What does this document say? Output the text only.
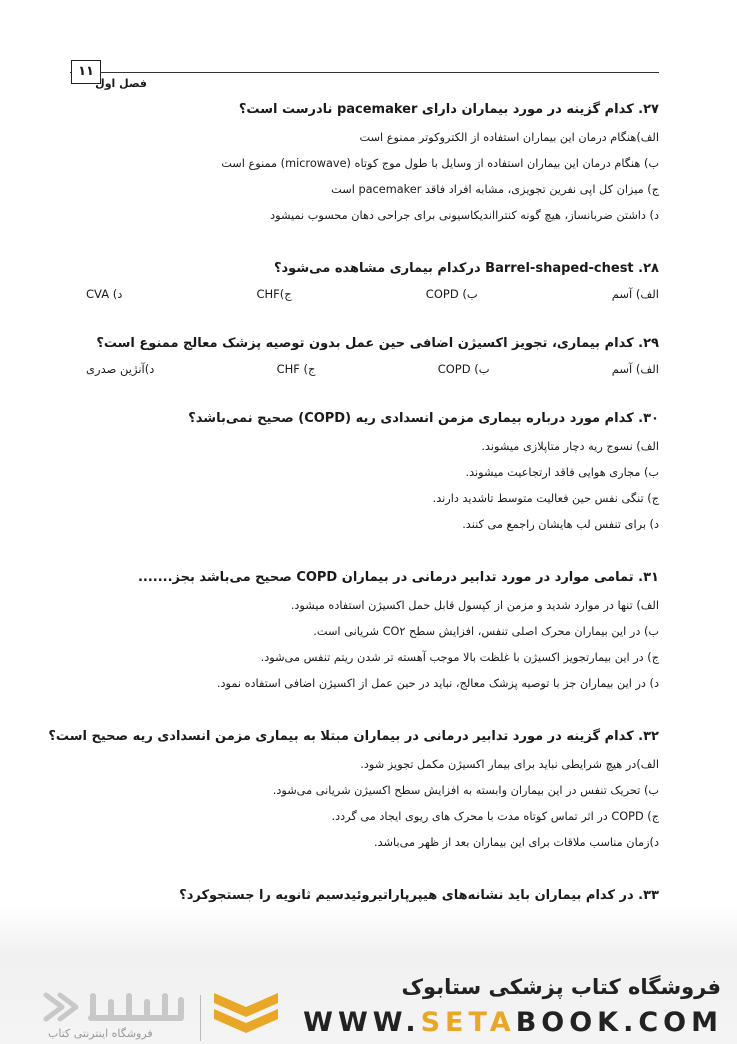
۱۱
فصل اول

۲۷. کدام گزینه در مورد بیماران دارای pacemaker نادرست است؟

الف)هنگام درمان این بیماران استفاده از الکتروکوتر ممنوع است
ب) هنگام درمان این بیماران استفاده از وسایل با طول موج کوتاه (microwave) ممنوع است
ج) میزان کل اپی نفرین تجویزی، مشابه افراد فاقد pacemaker است
د) داشتن ضربانساز، هیچ گونه کنترااندیکاسیونی برای جراحی دهان محسوب نمیشود

۲۸. Barrel-shaped-chest درکدام بیماری مشاهده می‌شود؟

الف) آسم
ب) COPD
ج)CHF
د) CVA

۲۹. کدام بیماری، تجویز اکسیژن اضافی حین عمل بدون توصیه پزشک معالج ممنوع است؟

الف) آسم
ب) COPD
ج) CHF
د)آنژین صدری

۳۰. کدام مورد درباره بیماری مزمن انسدادی ریه (COPD) صحیح نمی‌باشد؟

الف) نسوج ریه دچار متاپلازی میشوند.
ب) مجاری هوایی فاقد ارتجاعیت میشوند.
ج) تنگی نفس حین فعالیت متوسط تاشدید دارند.
د) برای تنفس لب هایشان راجمع می کنند.

۳۱. تمامی موارد در مورد تدابیر درمانی در بیماران COPD صحیح می‌باشد بجز.......

الف) تنها در موارد شدید و مزمن از کپسول قابل حمل اکسیژن استفاده میشود.
ب) در این بیماران محرک اصلی تنفس، افزایش سطح CO۲ شریانی است.
ج) در این بیمارتجویز اکسیژن با غلظت بالا موجب آهسته تر شدن ریتم تنفس می‌شود.
د) در این بیماران جز با توصیه پزشک معالج، نباید در حین عمل از اکسیژن اضافی استفاده نمود.

۳۲. کدام گزینه در مورد تدابیر درمانی در بیماران مبتلا به بیماری مزمن انسدادی ریه صحیح است؟

الف)در هیچ شرایطی نباید برای بیمار اکسیژن مکمل تجویز شود.
ب) تحریک تنفس در این بیماران وابسته به افزایش سطح اکسیژن شریانی می‌شود.
ج) COPD در اثر تماس کوتاه مدت با محرک های ریوی ایجاد می گردد.
د)زمان مناسب ملاقات برای این بیماران بعد از ظهر می‌باشد.

۳۳. در کدام بیماران باید نشانه‌های هیپرپاراتیروئیدسیم ثانویه را جستجوکرد؟

فروشگاه کتاب پزشکی ستابوک
WWW.SETABOOK.COM
فروشگاه اینترنتی کتاب
